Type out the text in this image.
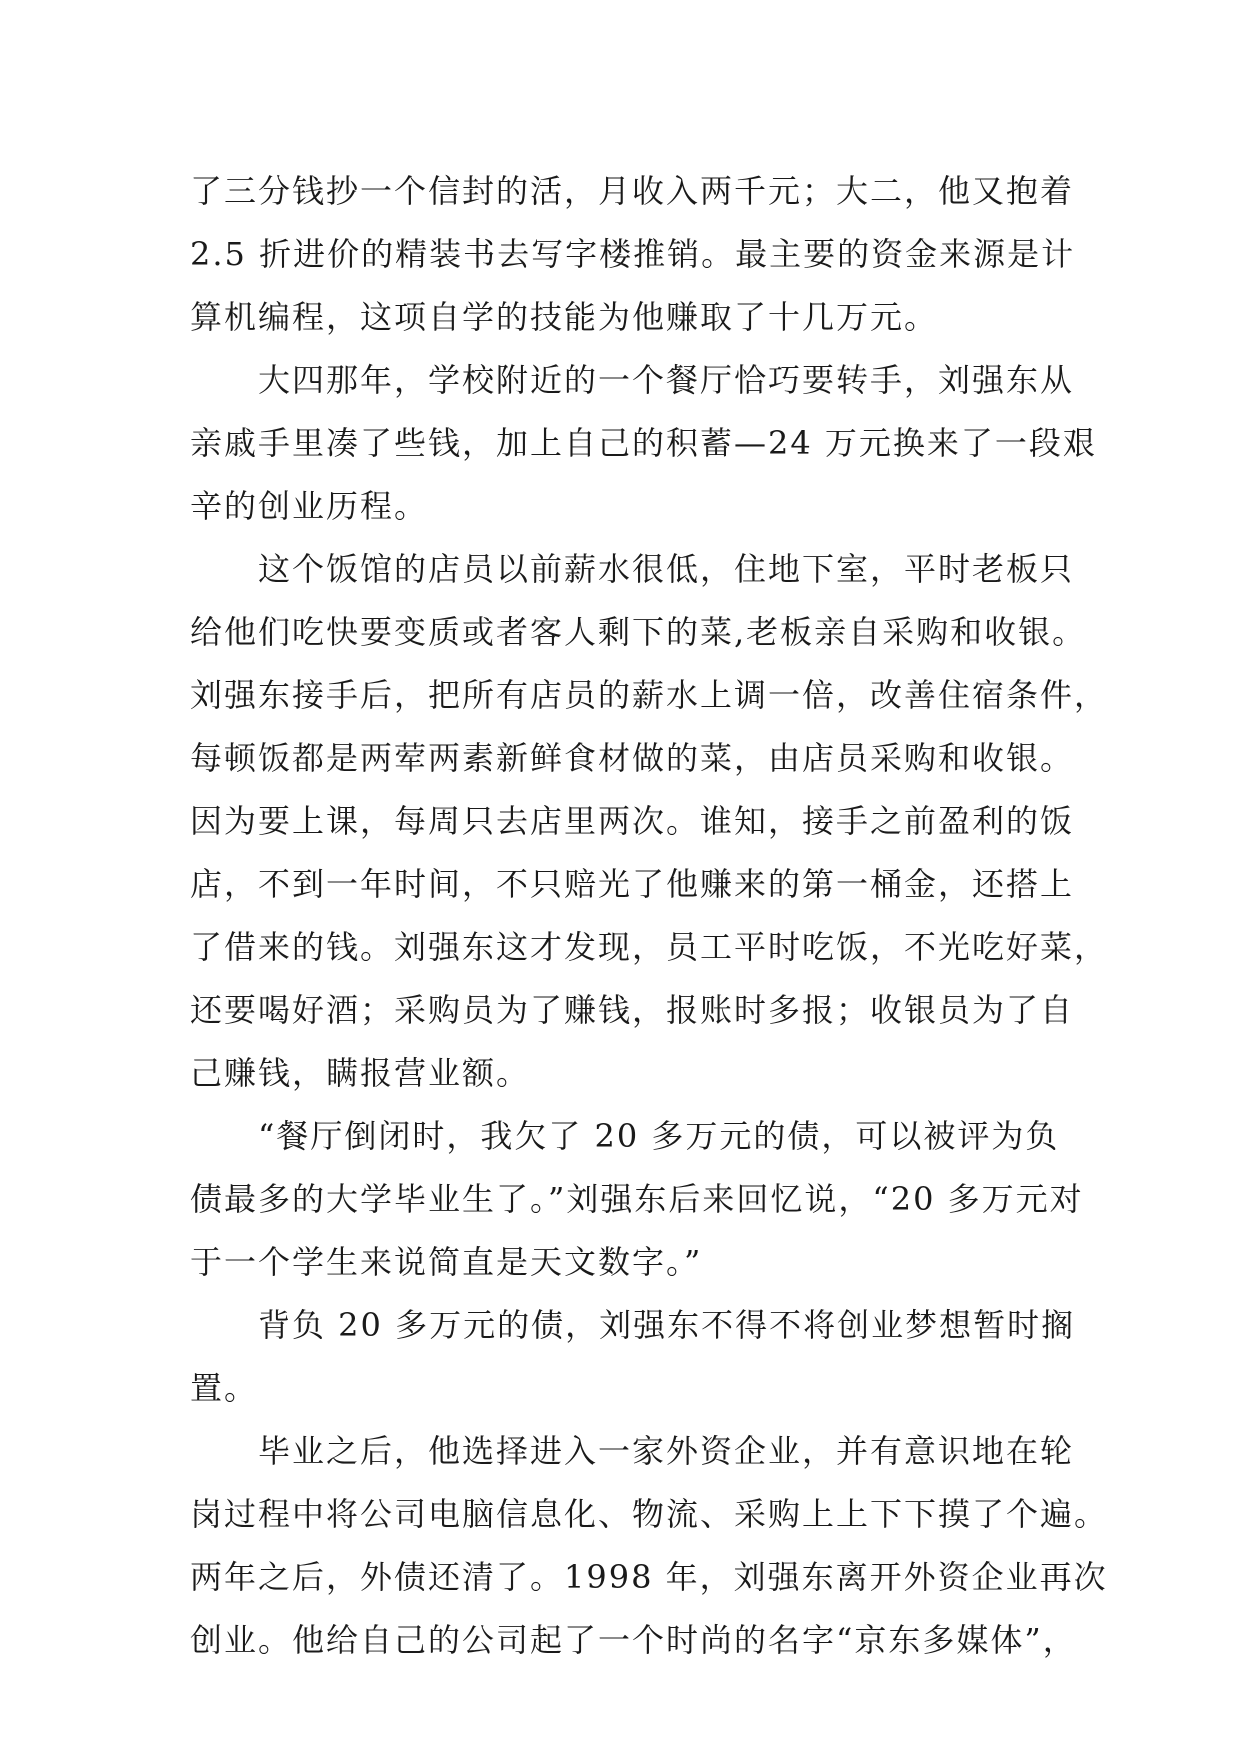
了三分钱抄一个信封的活，月收入两千元；大二，他又抱着
2.5 折进价的精装书去写字楼推销。最主要的资金来源是计
算机编程，这项自学的技能为他赚取了十几万元。
大四那年，学校附近的一个餐厅恰巧要转手，刘强东从
亲戚手里凑了些钱，加上自己的积蓄—24 万元换来了一段艰
辛的创业历程。
这个饭馆的店员以前薪水很低，住地下室，平时老板只
给他们吃快要变质或者客人剩下的菜,老板亲自采购和收银。
刘强东接手后，把所有店员的薪水上调一倍，改善住宿条件，
每顿饭都是两荤两素新鲜食材做的菜，由店员采购和收银。
因为要上课，每周只去店里两次。谁知，接手之前盈利的饭
店，不到一年时间，不只赔光了他赚来的第一桶金，还搭上
了借来的钱。刘强东这才发现，员工平时吃饭，不光吃好菜，
还要喝好酒；采购员为了赚钱，报账时多报；收银员为了自
己赚钱，瞒报营业额。
“餐厅倒闭时，我欠了 20 多万元的债，可以被评为负
债最多的大学毕业生了。”刘强东后来回忆说，“20 多万元对
于一个学生来说简直是天文数字。”
背负 20 多万元的债，刘强东不得不将创业梦想暂时搁
置。
毕业之后，他选择进入一家外资企业，并有意识地在轮
岗过程中将公司电脑信息化、物流、采购上上下下摸了个遍。
两年之后，外债还清了。1998 年，刘强东离开外资企业再次
创业。他给自己的公司起了一个时尚的名字“京东多媒体”，
